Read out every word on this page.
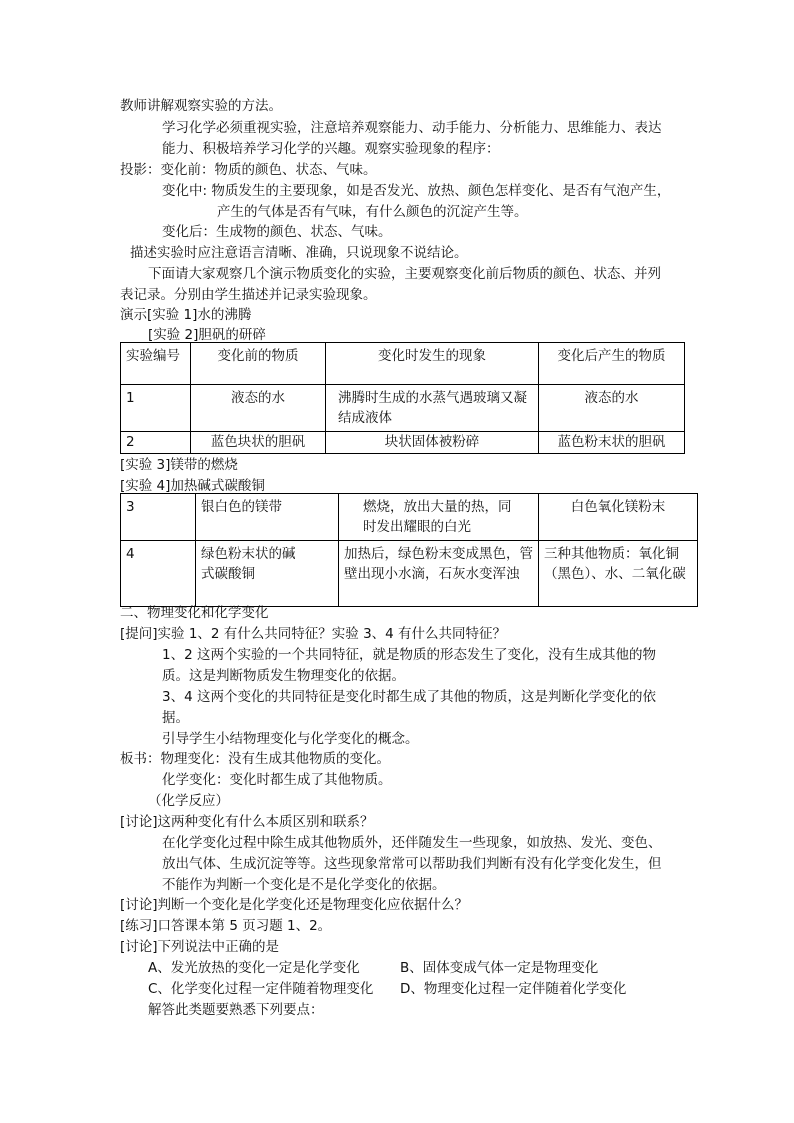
教师讲解观察实验的方法。
学习化学必须重视实验，注意培养观察能力、动手能力、分析能力、思维能力、表达
能力、积极培养学习化学的兴趣。观察实验现象的程序：
投影：变化前：物质的颜色、状态、气味。
变化中: 物质发生的主要现象，如是否发光、放热、颜色怎样变化、是否有气泡产生，
产生的气体是否有气味，有什么颜色的沉淀产生等。
变化后：生成物的颜色、状态、气味。
描述实验时应注意语言清晰、准确，只说现象不说结论。
下面请大家观察几个演示物质变化的实验，主要观察变化前后物质的颜色、状态、并列
表记录。分别由学生描述并记录实验现象。
演示[实验 1]水的沸腾
[实验 2]胆矾的研碎
实验编号	变化前的物质	变化时发生的现象	变化后产生的物质
1	液态的水	沸腾时生成的水蒸气遇玻璃又凝结成液体	液态的水
2	蓝色块状的胆矾	块状固体被粉碎	蓝色粉末状的胆矾
[实验 3]镁带的燃烧
[实验 4]加热碱式碳酸铜
3	银白色的镁带	燃烧，放出大量的热，同时发出耀眼的白光	白色氧化镁粉末
4	绿色粉末状的碱式碳酸铜	加热后，绿色粉末变成黑色，管壁出现小水滴，石灰水变浑浊	三种其他物质：氧化铜（黑色）、水、二氧化碳
二、物理变化和化学变化
[提问]实验 1、2 有什么共同特征？实验 3、4 有什么共同特征？
1、2 这两个实验的一个共同特征，就是物质的形态发生了变化，没有生成其他的物
质。这是判断物质发生物理变化的依据。
3、4 这两个变化的共同特征是变化时都生成了其他的物质，这是判断化学变化的依
据。
引导学生小结物理变化与化学变化的概念。
板书：物理变化：没有生成其他物质的变化。
化学变化：变化时都生成了其他物质。
（化学反应）
[讨论]这两种变化有什么本质区别和联系？
在化学变化过程中除生成其他物质外，还伴随发生一些现象，如放热、发光、变色、
放出气体、生成沉淀等等。这些现象常常可以帮助我们判断有没有化学变化发生，但
不能作为判断一个变化是不是化学变化的依据。
[讨论]判断一个变化是化学变化还是物理变化应依据什么？
[练习]口答课本第 5 页习题 1、2。
[讨论]下列说法中正确的是
A、发光放热的变化一定是化学变化	B、固体变成气体一定是物理变化
C、化学变化过程一定伴随着物理变化 D、物理变化过程一定伴随着化学变化
解答此类题要熟悉下列要点：
